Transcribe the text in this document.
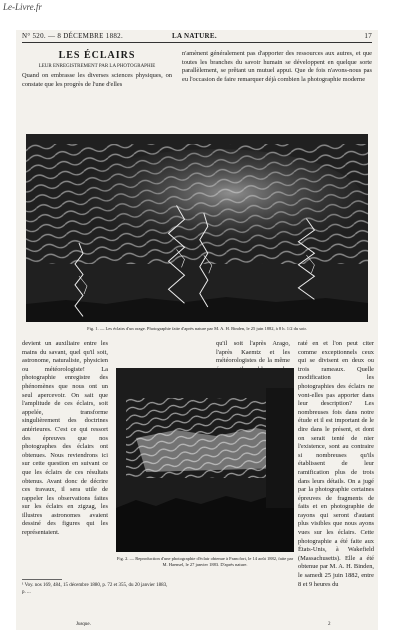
Le-Livre.fr
N° 520. — 8 DÉCEMBRE 1882.	LA NATURE.	17
LES ÉCLAIRS

LEUR ENREGISTREMENT PAR LA PHOTOGRAPHIE

Quand on embrasse les diverses sciences physiques, on constate que les progrès de l'une d'elles

n'amènent généralement pas d'apporter des ressources aux autres, et que toutes les branches du savoir humain se développent en quelque sorte parallèlement, se prêtant un mutuel appui. Que de fois n'avons-nous pas eu l'occasion de faire remarquer déjà combien la photographie moderne

Fig. 1. — Les éclairs d'un orage. Photographie faite d'après nature par M. A. H. Binden, le 25 juin 1882, à 8 h. 1/2 du soir.

devient un auxiliaire entre les mains du savant, quel qu'il soit, astronome, naturaliste, physicien ou météorologiste! La photographie enregistre des phénomènes que nous ont un seul apercevoir. On sait que l'amplitude de ces éclairs, soit appelée, transforme singulièrement des doctrines antérieures. C'est ce qui ressort des épreuves que nos photographes des éclairs ont obtenues. Nous reviendrons ici sur cette question en suivant ce que les éclairs de ces résultats obtenus. Avant donc de décrire ces travaux, il sera utile de rappeler les observations faites sur les éclairs en zigzag, les illustres astronomes avaient dessiné des figures qui les représentaient.

qu'il soit l'après Arago, l'après Kaemtz et les météorologistes de la même

raté en et l'on peut citer comme exceptionnels ceux qui se divisent en deux ou trois rameaux. Quelle modification les photographies des éclairs ne vont-elles pas apporter dans leur description? Les nombreuses fois dans notre étude et il est important de le dire dans le présent, et dont on serait tenté de nier l'existence, sont au contraire si nombreuses qu'ils établissent de leur ramification plus de trois dans leurs détails. On a jugé par la photographie certaines épreuves de fragments de faits et en photographie de rayons qui seront d'autant plus visibles que nous ayons vues sur les éclairs. Cette photographie a été faite aux États-Unis, à Wakefield (Massachusetts). Elle a été obtenue par M. A. H. Binden, le samedi 25 juin 1882, entre 8 et 9 heures du

Fig. 2. — Reproduction d'une photographie d'éclair obtenue à Francfort, le 14 août 1882, faite par M. Haensel, le 27 janvier 1883. D'après nature.

¹ Voy. nos 169, 484, 15 décembre 1880, p. 72 et 355, du 20 janvier 1883, p. ...

Jusque.	2
